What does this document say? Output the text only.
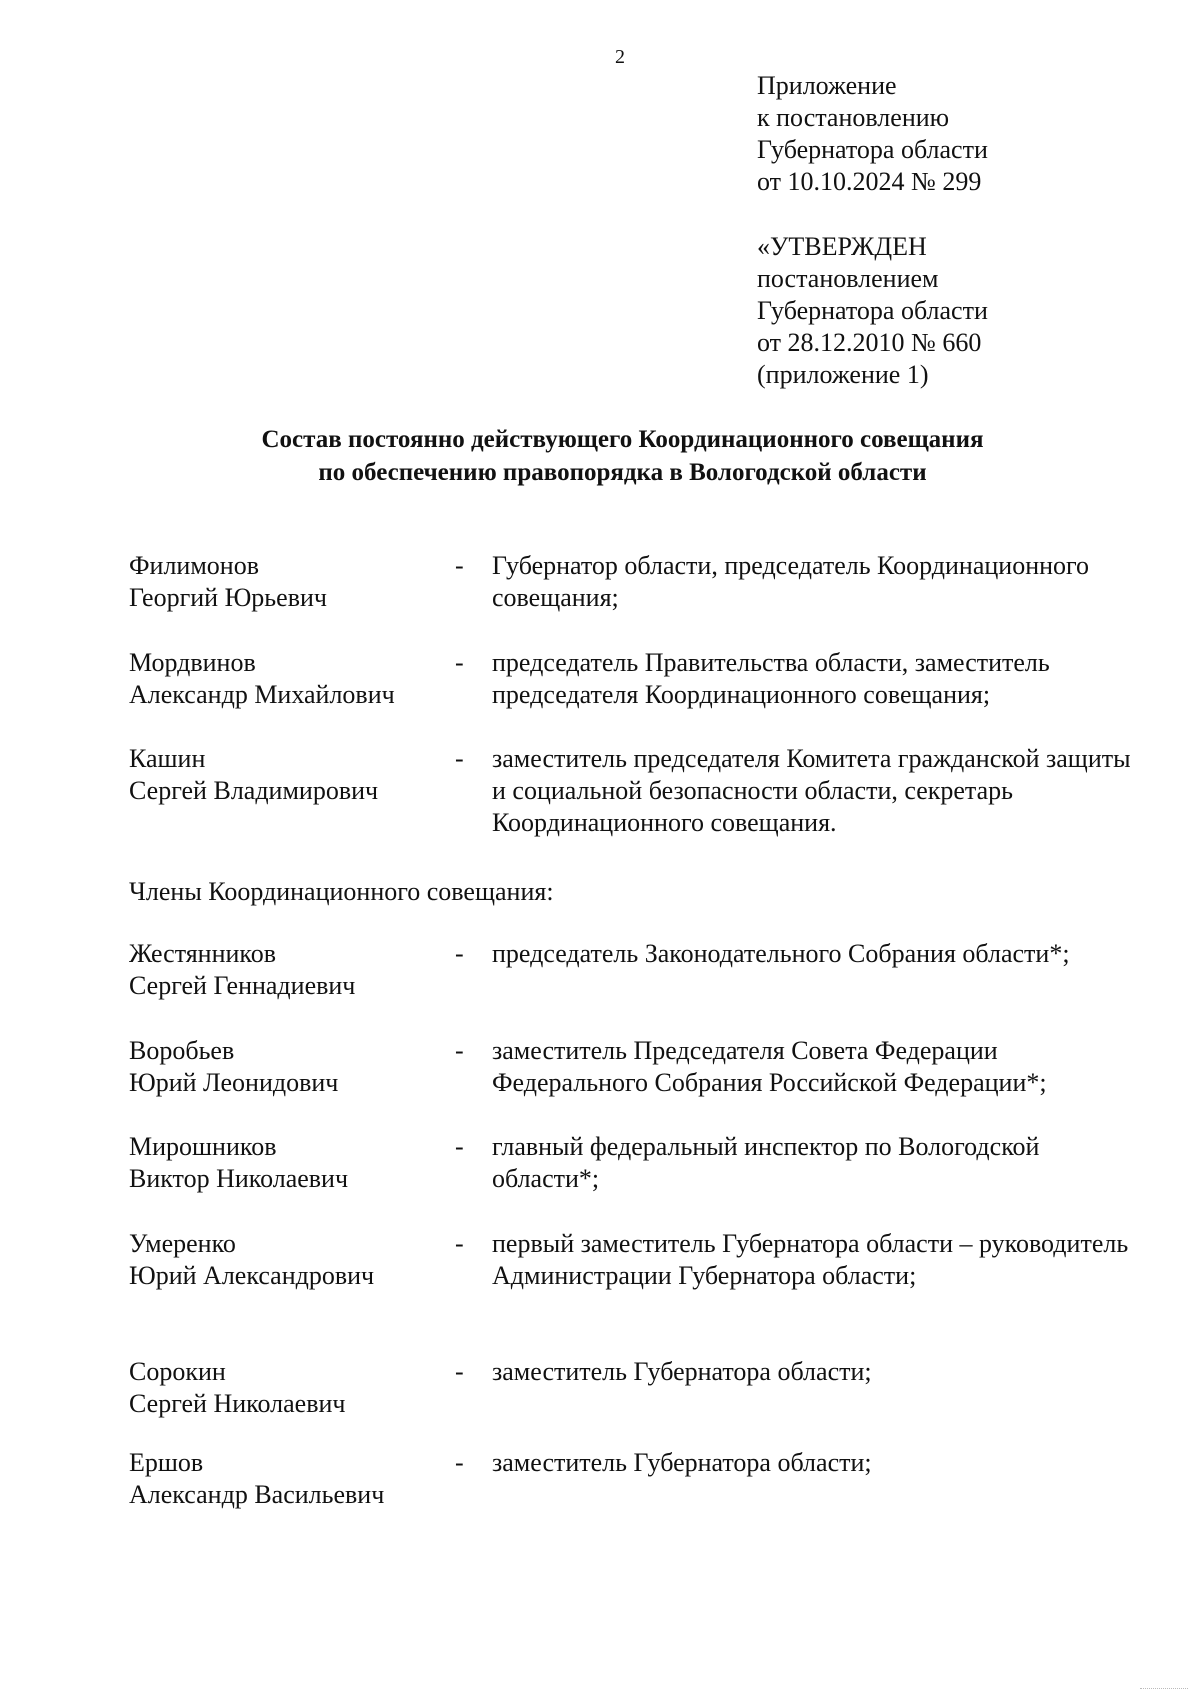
2
Приложение
к постановлению
Губернатора области
от 10.10.2024 № 299
«УТВЕРЖДЕН
постановлением
Губернатора области
от 28.12.2010 № 660
(приложение 1)
Состав постоянно действующего Координационного совещания
по обеспечению правопорядка в Вологодской области
Филимонов
Георгий Юрьевич
- Губернатор области, председатель Координационного совещания;
Мордвинов
Александр Михайлович
- председатель Правительства области, заместитель председателя Координационного совещания;
Кашин
Сергей Владимирович
- заместитель председателя Комитета гражданской защиты и социальной безопасности области, секретарь Координационного совещания.
Члены Координационного совещания:
Жестянников
Сергей Геннадиевич
- председатель Законодательного Собрания области*;
Воробьев
Юрий Леонидович
- заместитель Председателя Совета Федерации Федерального Собрания Российской Федерации*;
Мирошников
Виктор Николаевич
- главный федеральный инспектор по Вологодской области*;
Умеренко
Юрий Александрович
- первый заместитель Губернатора области – руководитель Администрации Губернатора области;
Сорокин
Сергей Николаевич
- заместитель Губернатора области;
Ершов
Александр Васильевич
- заместитель Губернатора области;
